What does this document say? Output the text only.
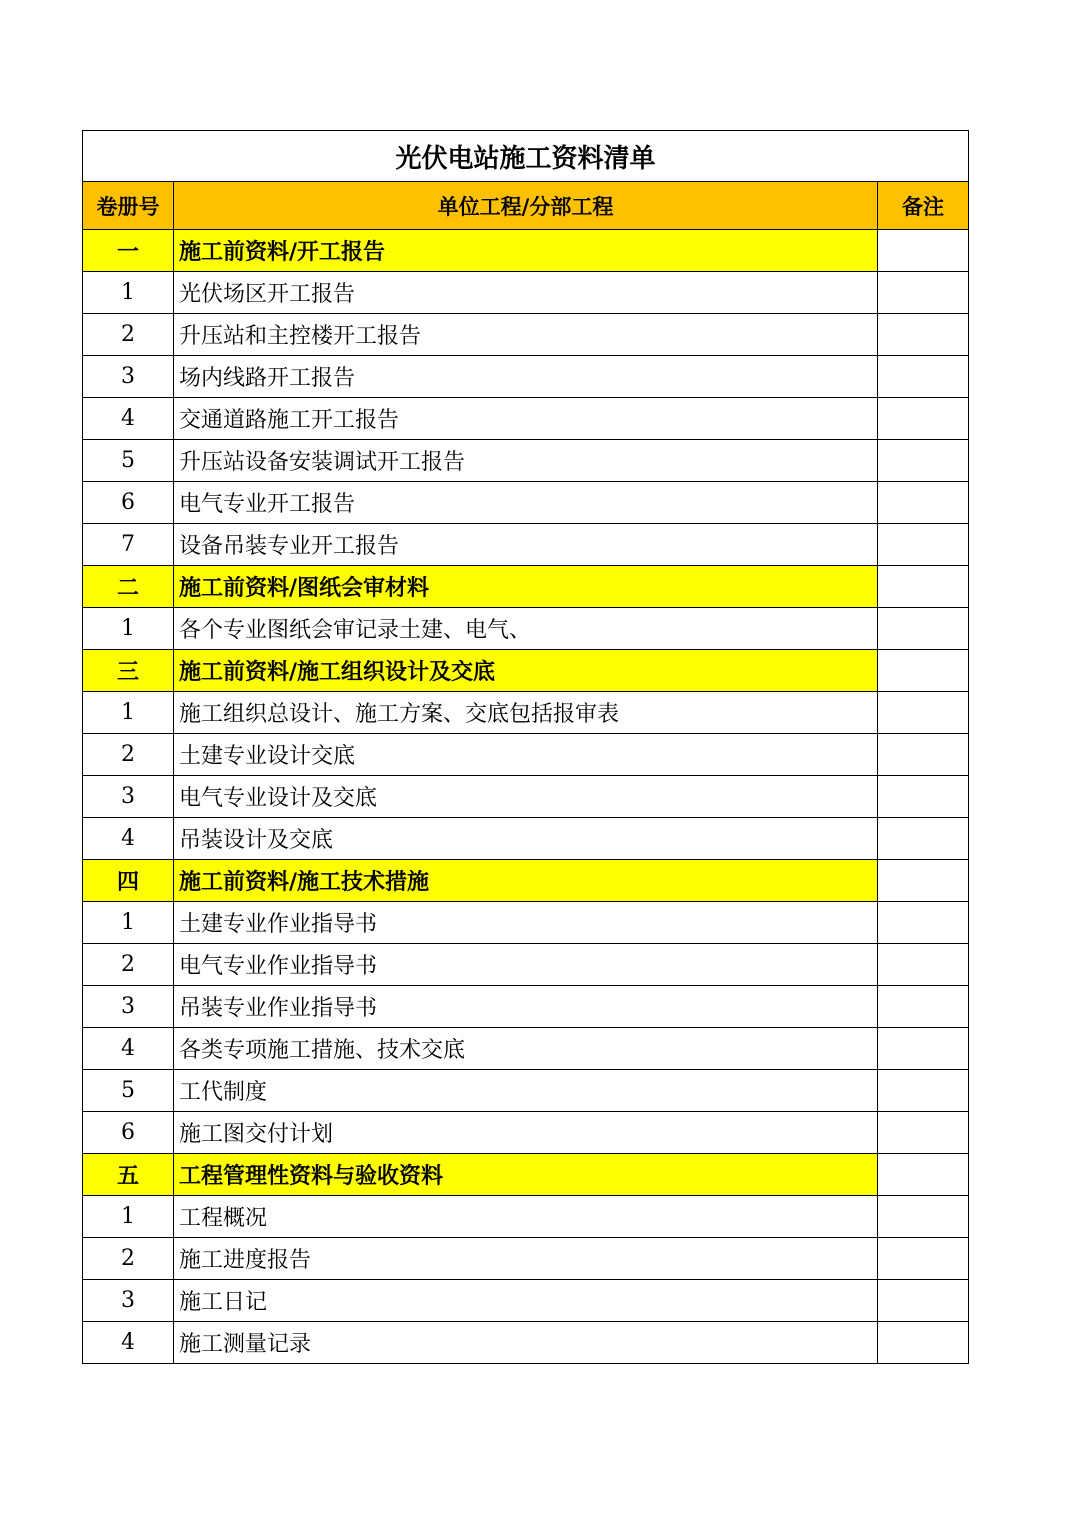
光伏电站施工资料清单		
卷册号	单位工程/分部工程	备注
一	施工前资料/开工报告	
1	光伏场区开工报告	
2	升压站和主控楼开工报告	
3	场内线路开工报告	
4	交通道路施工开工报告	
5	升压站设备安装调试开工报告	
6	电气专业开工报告	
7	设备吊装专业开工报告	
二	施工前资料/图纸会审材料	
1	各个专业图纸会审记录土建、电气、	
三	施工前资料/施工组织设计及交底	
1	施工组织总设计、施工方案、交底包括报审表	
2	土建专业设计交底	
3	电气专业设计及交底	
4	吊装设计及交底	
四	施工前资料/施工技术措施	
1	土建专业作业指导书	
2	电气专业作业指导书	
3	吊装专业作业指导书	
4	各类专项施工措施、技术交底	
5	工代制度	
6	施工图交付计划	
五	工程管理性资料与验收资料	
1	工程概况	
2	施工进度报告	
3	施工日记	
4	施工测量记录	
